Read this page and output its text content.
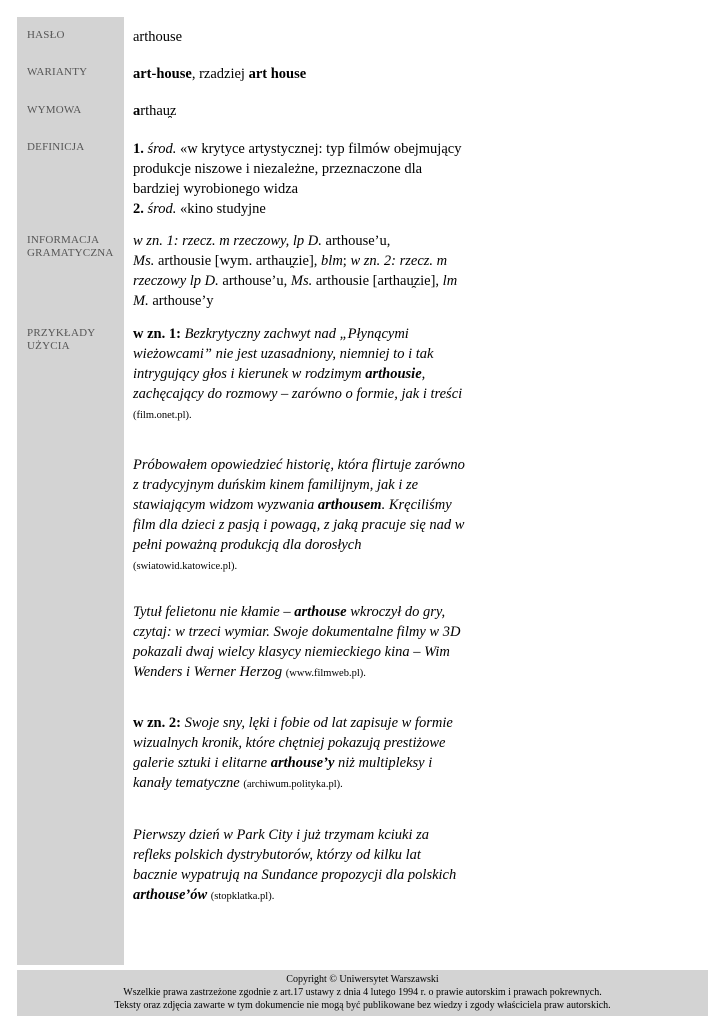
HASŁO
WARIANTY
WYMOWA
DEFINICJA
INFORMACJA
GRAMATYCZNA
PRZYKŁADY
UŻYCIA
arthouse
art-house, rzadziej art house
arthau̯z
1. środ. «w krytyce artystycznej: typ filmów obejmujący produkcje niszowe i niezależne, przeznaczone dla bardziej wyrobionego widza
2. środ. «kino studyjne
w zn. 1: rzecz. m rzeczowy, lp D. arthouse’u,
Ms. arthousie [wym. arthau̯zie], blm; w zn. 2: rzecz. m rzeczowy lp D. arthouse’u, Ms. arthousie [arthau̯zie], lm M. arthouse’y
w zn. 1: Bezkrytyczny zachwyt nad „Płynącymi wieżowcami” nie jest uzasadniony, niemniej to i tak intrygujący głos i kierunek w rodzimym arthousie, zachęcający do rozmowy – zarówno o formie, jak i treści (film.onet.pl).
Próbowałem opowiedzieć historię, która flirtuje zarówno z tradycyjnym duńskim kinem familijnym, jak i ze stawiającym widzom wyzwania arthousem. Kręciliśmy film dla dzieci z pasją i powagą, z jaką pracuje się nad w pełni poważną produkcją dla dorosłych (swiatowid.katowice.pl).
Tytuł felietonu nie kłamie – arthouse wkroczył do gry, czytaj: w trzeci wymiar. Swoje dokumentalne filmy w 3D pokazali dwaj wielcy klasycy niemieckiego kina – Wim Wenders i Werner Herzog (www.filmweb.pl).
w zn. 2: Swoje sny, lęki i fobie od lat zapisuje w formie wizualnych kronik, które chętniej pokazują prestiżowe galerie sztuki i elitarne arthouse’y niż multipleksy i kanały tematyczne (archiwum.polityka.pl).
Pierwszy dzień w Park City i już trzymam kciuki za refleks polskich dystrybutorów, którzy od kilku lat bacznie wypatrują na Sundance propozycji dla polskich arthouse’ów (stopklatka.pl).
Copyright © Uniwersytet Warszawski
Wszelkie prawa zastrzeżone zgodnie z art.17 ustawy z dnia 4 lutego 1994 r. o prawie autorskim i prawach pokrewnych.
Teksty oraz zdjęcia zawarte w tym dokumencie nie mogą być publikowane bez wiedzy i zgody właściciela praw autorskich.
